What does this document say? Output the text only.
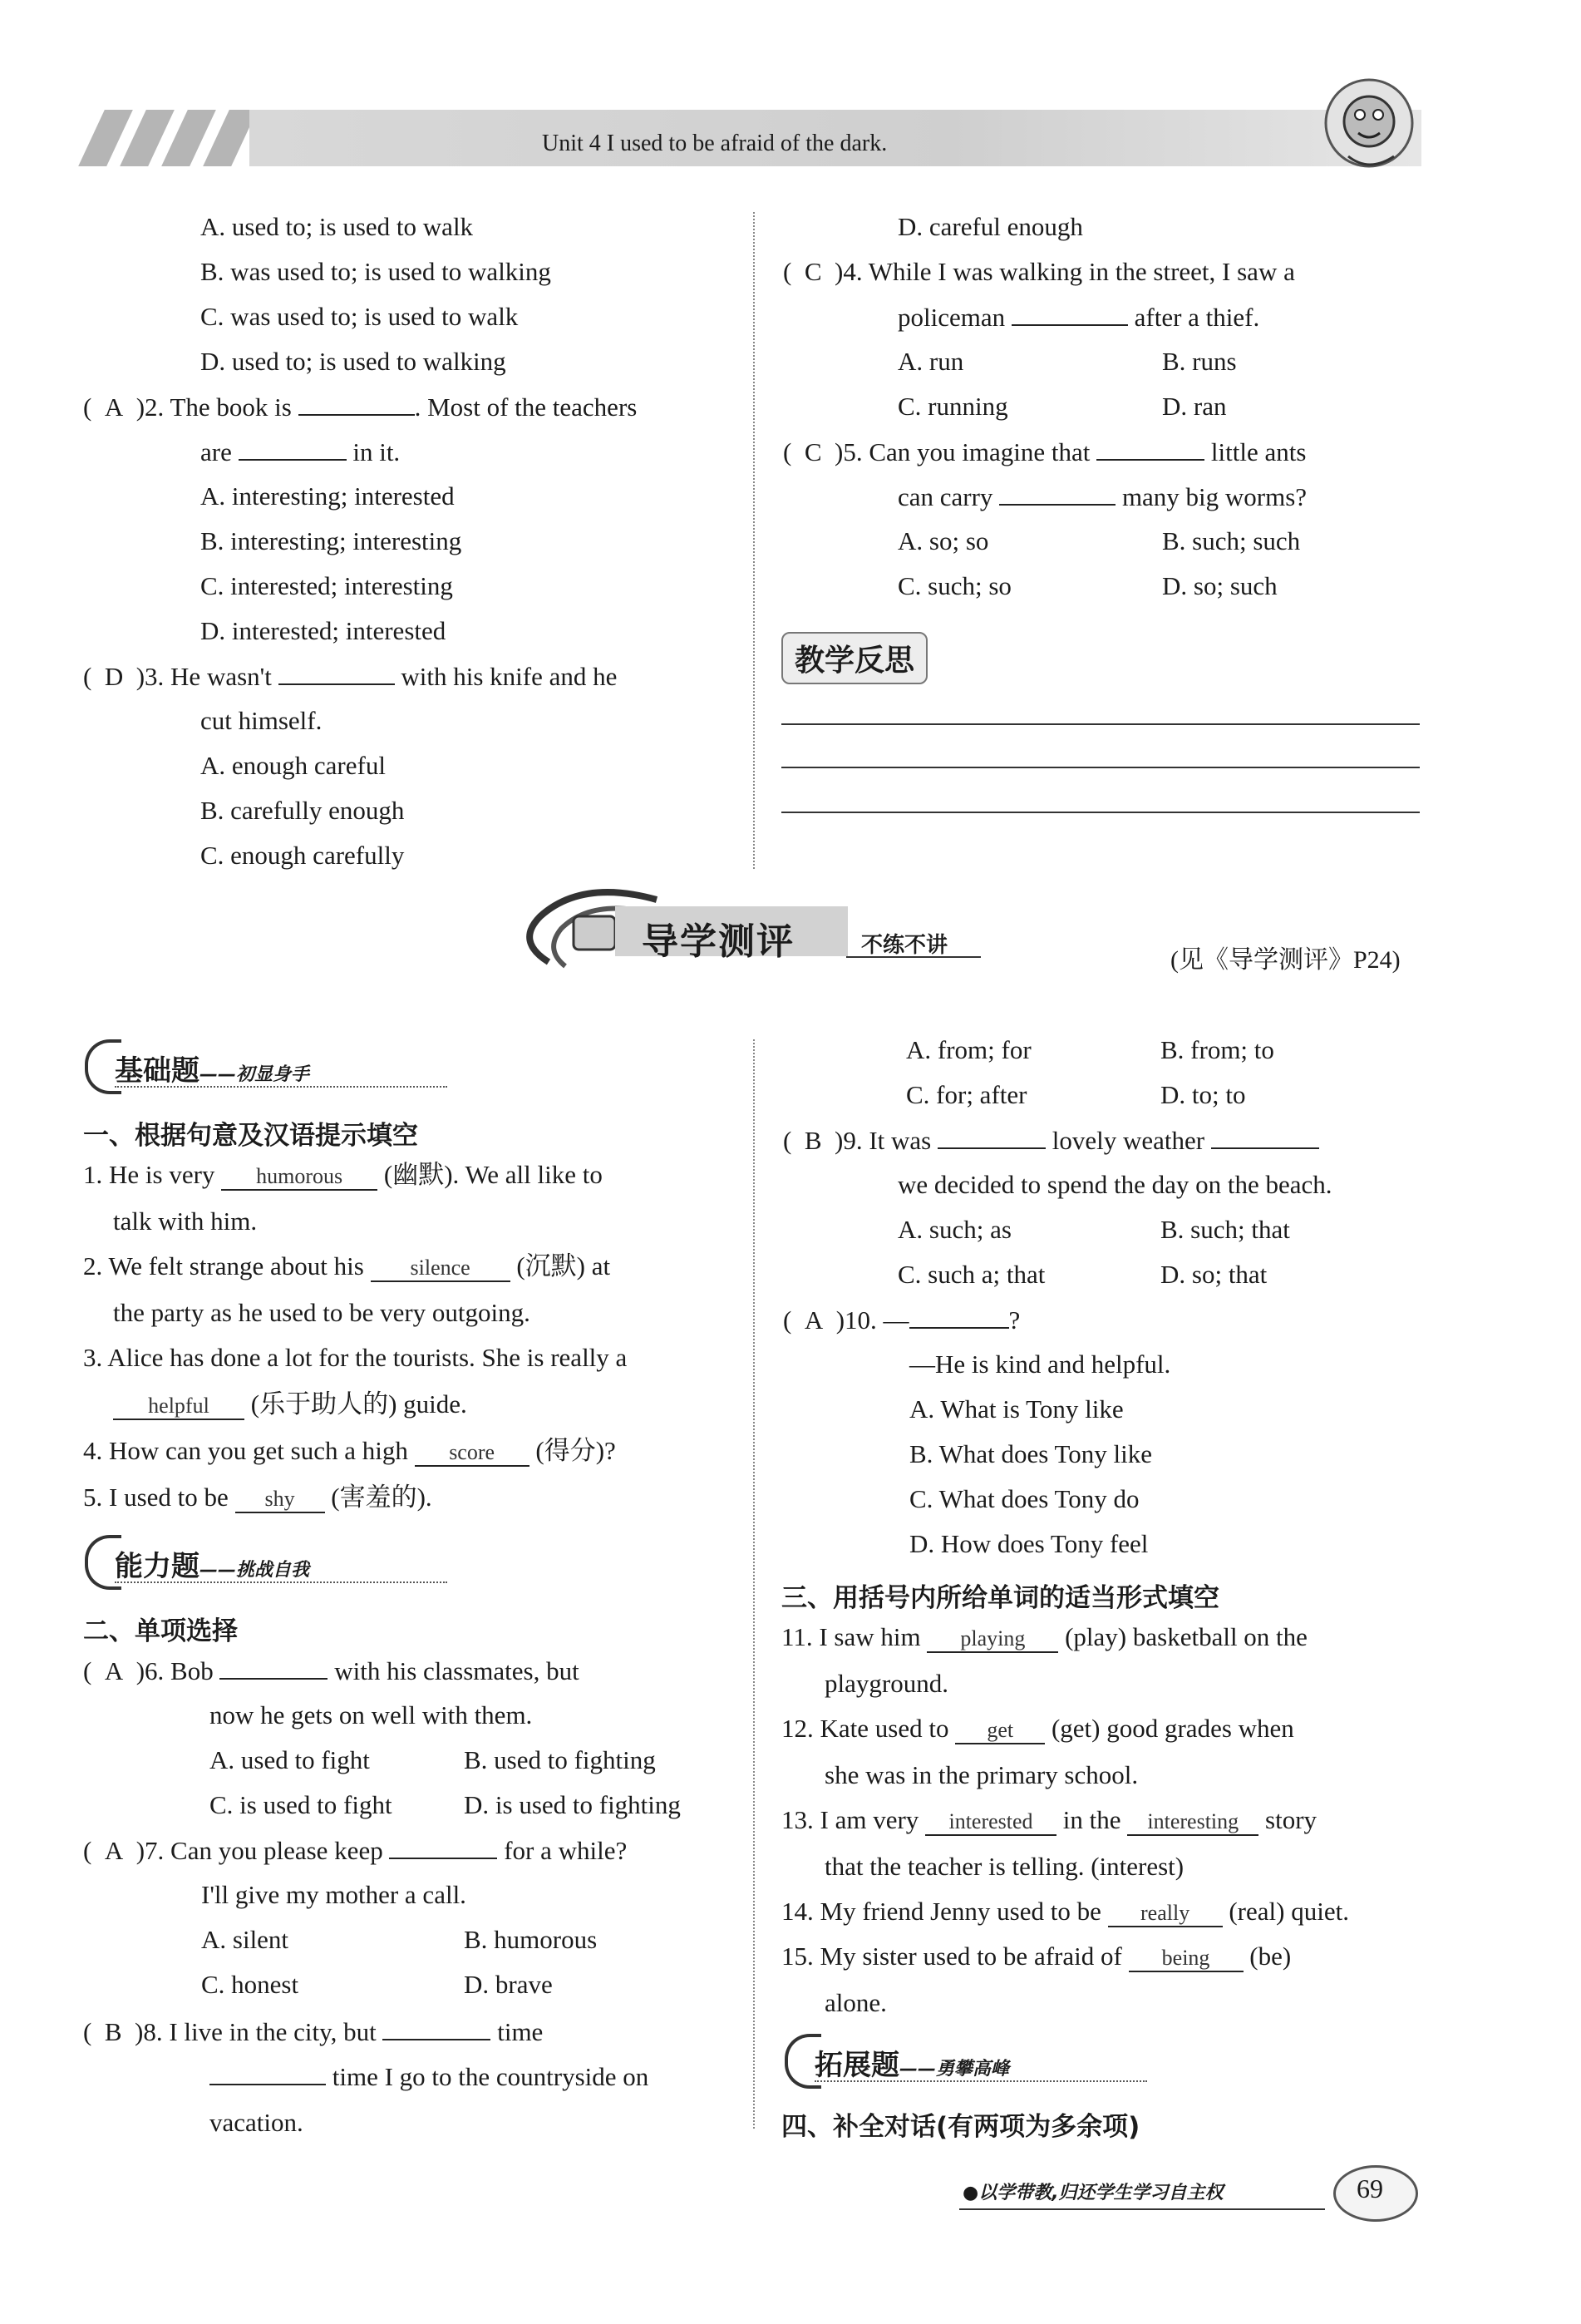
Unit 4 I used to be afraid of the dark.
A. used to; is used to walk
B. was used to; is used to walking
C. was used to; is used to walk
D. used to; is used to walking
(  A )2. The book is	. Most of the teachers
are	in it.
A. interesting; interested
B. interesting; interesting
C. interested; interesting
D. interested; interested
(  D )3. He wasn't	with his knife and he
cut himself.
A. enough careful
B. carefully enough
C. enough carefully
D. careful enough
(  C )4. While I was walking in the street, I saw a
policeman	after a thief.
A. run	B. runs
C. running	D. ran
(  C )5. Can you imagine that	little ants
can carry	many big worms?
A. so; so	B. such; such
C. such; so	D. so; such
教学反思
导学测评	不练不讲
(见《导学测评》P24)
基础题——初显身手
一、根据句意及汉语提示填空
1. He is very humorous (幽默). We all like to
talk with him.
2. We felt strange about his silence (沉默) at
the party as he used to be very outgoing.
3. Alice has done a lot for the tourists. She is really a
helpful (乐于助人的) guide.
4. How can you get such a high score (得分)?
5. I used to be shy (害羞的).
能力题——挑战自我
二、单项选择
(  A )6. Bob	with his classmates, but
now he gets on well with them.
A. used to fight	B. used to fighting
C. is used to fight	D. is used to fighting
(  A )7. Can you please keep	for a while?
I'll give my mother a call.
A. silent	B. humorous
C. honest	D. brave
(  B )8. I live in the city, but	time
time I go to the countryside on
vacation.
A. from; for	B. from; to
C. for; after	D. to; to
(  B )9. It was	lovely weather
we decided to spend the day on the beach.
A. such; as	B. such; that
C. such a; that	D. so; that
(  A )10. —	?
—He is kind and helpful.
A. What is Tony like
B. What does Tony like
C. What does Tony do
D. How does Tony feel
三、用括号内所给单词的适当形式填空
11. I saw him playing (play) basketball on the
playground.
12. Kate used to get (get) good grades when
she was in the primary school.
13. I am very interested in the interesting story
that the teacher is telling. (interest)
14. My friend Jenny used to be really (real) quiet.
15. My sister used to be afraid of being (be)
alone.
拓展题——勇攀高峰
四、补全对话(有两项为多余项)
●以学带教,归还学生学习自主权	69
